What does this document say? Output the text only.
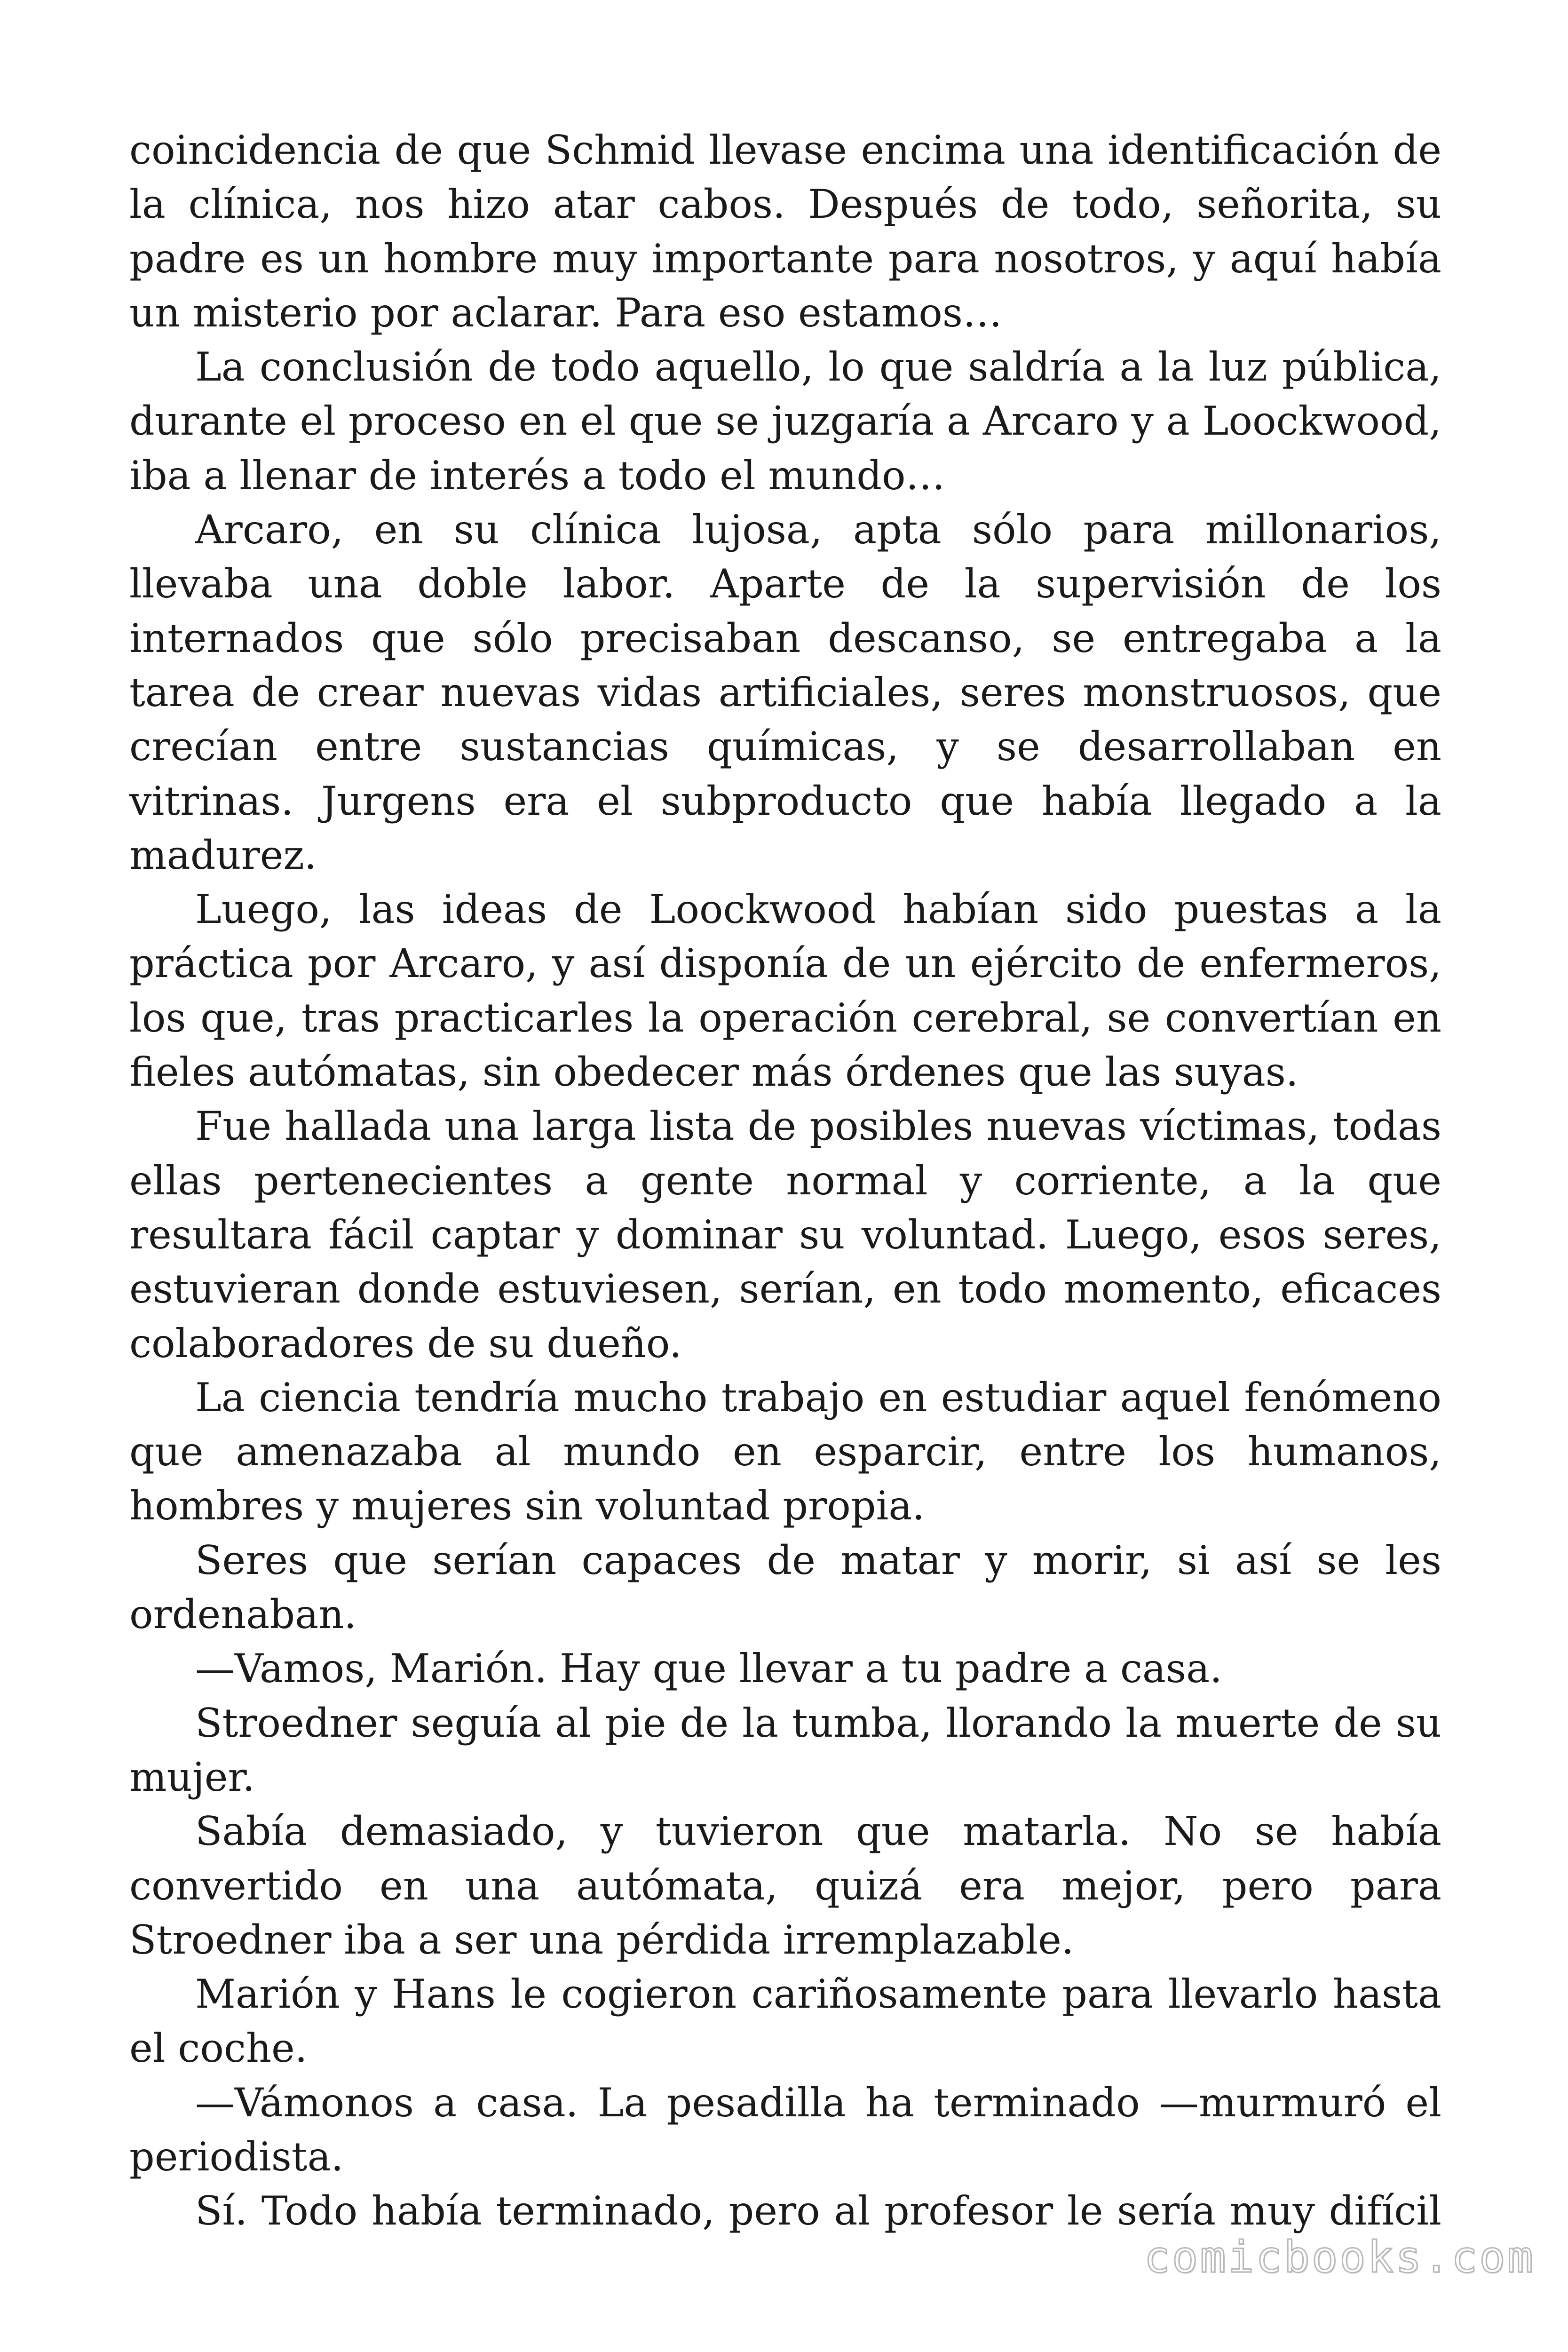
coincidencia de que Schmid llevase encima una identificación de la clínica, nos hizo atar cabos. Después de todo, señorita, su padre es un hombre muy importante para nosotros, y aquí había un misterio por aclarar. Para eso estamos…

La conclusión de todo aquello, lo que saldría a la luz pública, durante el proceso en el que se juzgaría a Arcaro y a Loockwood, iba a llenar de interés a todo el mundo…

Arcaro, en su clínica lujosa, apta sólo para millonarios, llevaba una doble labor. Aparte de la supervisión de los internados que sólo precisaban descanso, se entregaba a la tarea de crear nuevas vidas artificiales, seres monstruosos, que crecían entre sustancias químicas, y se desarrollaban en vitrinas. Jurgens era el subproducto que había llegado a la madurez.

Luego, las ideas de Loockwood habían sido puestas a la práctica por Arcaro, y así disponía de un ejército de enfermeros, los que, tras practicarles la operación cerebral, se convertían en fieles autómatas, sin obedecer más órdenes que las suyas.

Fue hallada una larga lista de posibles nuevas víctimas, todas ellas pertenecientes a gente normal y corriente, a la que resultara fácil captar y dominar su voluntad. Luego, esos seres, estuvieran donde estuviesen, serían, en todo momento, eficaces colaboradores de su dueño.

La ciencia tendría mucho trabajo en estudiar aquel fenómeno que amenazaba al mundo en esparcir, entre los humanos, hombres y mujeres sin voluntad propia.

Seres que serían capaces de matar y morir, si así se les ordenaban.

—Vamos, Marión. Hay que llevar a tu padre a casa.

Stroedner seguía al pie de la tumba, llorando la muerte de su mujer.

Sabía demasiado, y tuvieron que matarla. No se había convertido en una autómata, quizá era mejor, pero para Stroedner iba a ser una pérdida irremplazable.

Marión y Hans le cogieron cariñosamente para llevarlo hasta el coche.

—Vámonos a casa. La pesadilla ha terminado —murmuró el periodista.

Sí. Todo había terminado, pero al profesor le sería muy difícil

comicbooks.com
